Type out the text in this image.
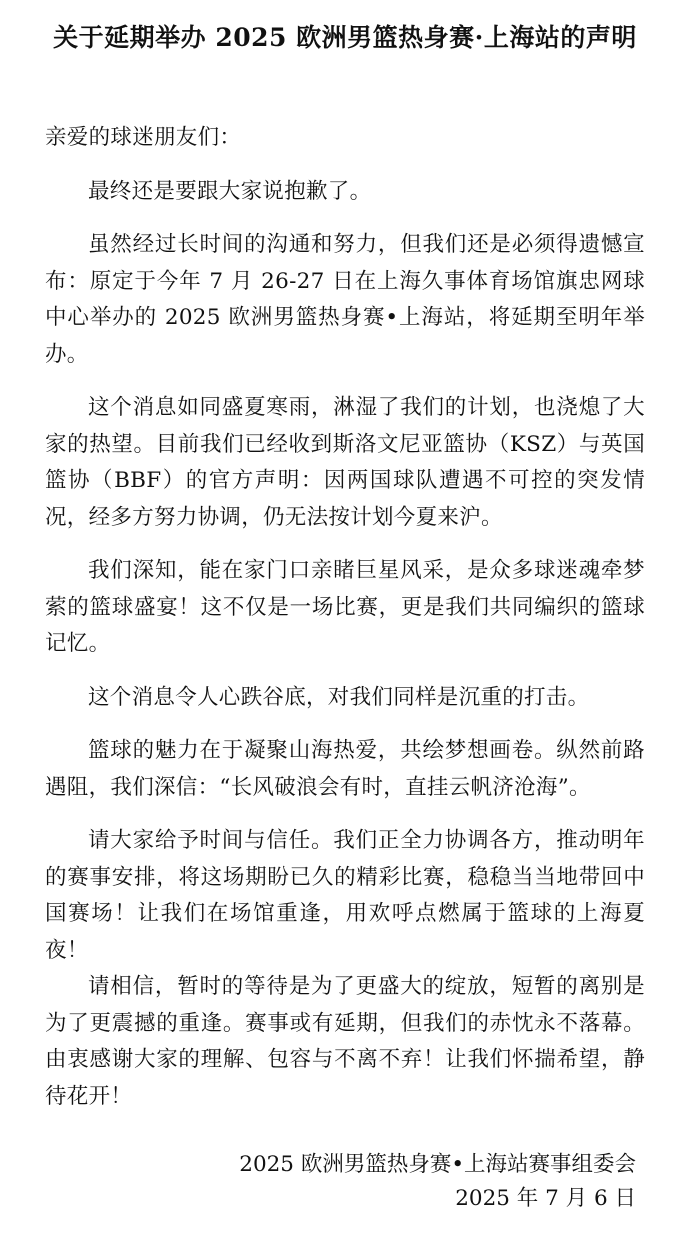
关于延期举办 2025 欧洲男篮热身赛·上海站的声明

亲爱的球迷朋友们：

最终还是要跟大家说抱歉了。

虽然经过长时间的沟通和努力，但我们还是必须得遗憾宣布：原定于今年 7 月 26-27 日在上海久事体育场馆旗忠网球中心举办的 2025 欧洲男篮热身赛•上海站，将延期至明年举办。

这个消息如同盛夏寒雨，淋湿了我们的计划，也浇熄了大家的热望。目前我们已经收到斯洛文尼亚篮协（KSZ）与英国篮协（BBF）的官方声明：因两国球队遭遇不可控的突发情况，经多方努力协调，仍无法按计划今夏来沪。

我们深知，能在家门口亲睹巨星风采，是众多球迷魂牵梦萦的篮球盛宴！这不仅是一场比赛，更是我们共同编织的篮球记忆。

这个消息令人心跌谷底，对我们同样是沉重的打击。

篮球的魅力在于凝聚山海热爱，共绘梦想画卷。纵然前路遇阻，我们深信：“长风破浪会有时，直挂云帆济沧海”。

请大家给予时间与信任。我们正全力协调各方，推动明年的赛事安排，将这场期盼已久的精彩比赛，稳稳当当地带回中国赛场！让我们在场馆重逢，用欢呼点燃属于篮球的上海夏夜！

请相信，暂时的等待是为了更盛大的绽放，短暂的离别是为了更震撼的重逢。赛事或有延期，但我们的赤忱永不落幕。由衷感谢大家的理解、包容与不离不弃！让我们怀揣希望，静待花开！

2025 欧洲男篮热身赛•上海站赛事组委会
2025 年 7 月 6 日
